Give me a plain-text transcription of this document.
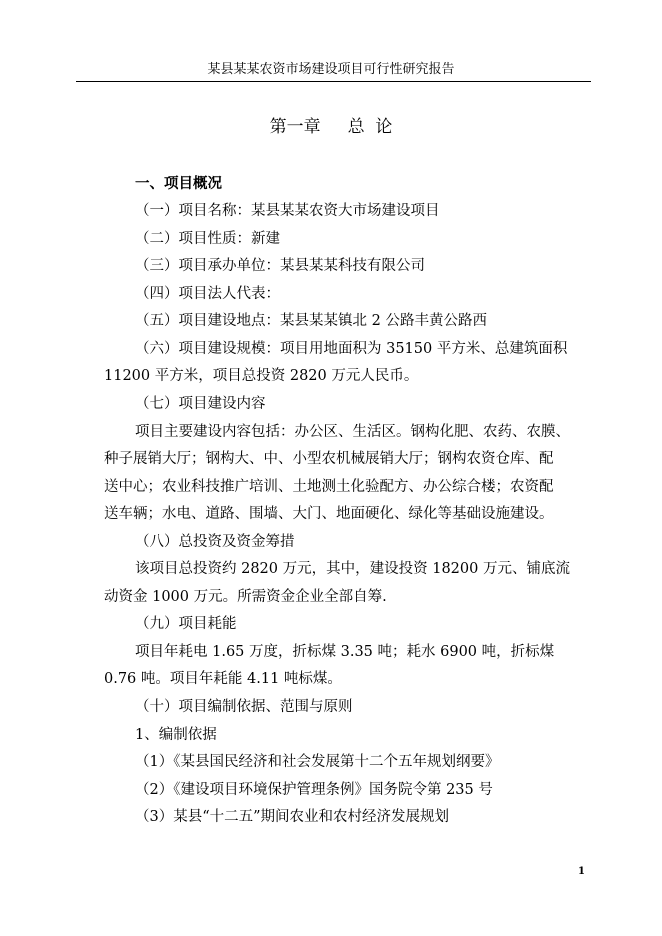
某县某某农资市场建设项目可行性研究报告
第一章     总  论
一、项目概况
（一）项目名称：某县某某农资大市场建设项目
（二）项目性质：新建
（三）项目承办单位：某县某某科技有限公司
（四）项目法人代表：
（五）项目建设地点：某县某某镇北 2 公路丰黄公路西
（六）项目建设规模：项目用地面积为 35150 平方米、总建筑面积
11200 平方米，项目总投资 2820 万元人民币。
（七）项目建设内容
项目主要建设内容包括：办公区、生活区。钢构化肥、农药、农膜、
种子展销大厅；钢构大、中、小型农机械展销大厅；钢构农资仓库、配
送中心；农业科技推广培训、土地测土化验配方、办公综合楼；农资配
送车辆；水电、道路、围墙、大门、地面硬化、绿化等基础设施建设。
（八）总投资及资金筹措
该项目总投资约 2820 万元，其中，建设投资 18200 万元、铺底流
动资金 1000 万元。所需资金企业全部自筹.
（九）项目耗能
项目年耗电 1.65 万度，折标煤 3.35 吨；耗水 6900 吨，折标煤
0.76 吨。项目年耗能 4.11 吨标煤。
（十）项目编制依据、范围与原则
1、编制依据
（1）《某县国民经济和社会发展第十二个五年规划纲要》
（2）《建设项目环境保护管理条例》国务院令第 235 号
（3）某县“十二五”期间农业和农村经济发展规划
1
